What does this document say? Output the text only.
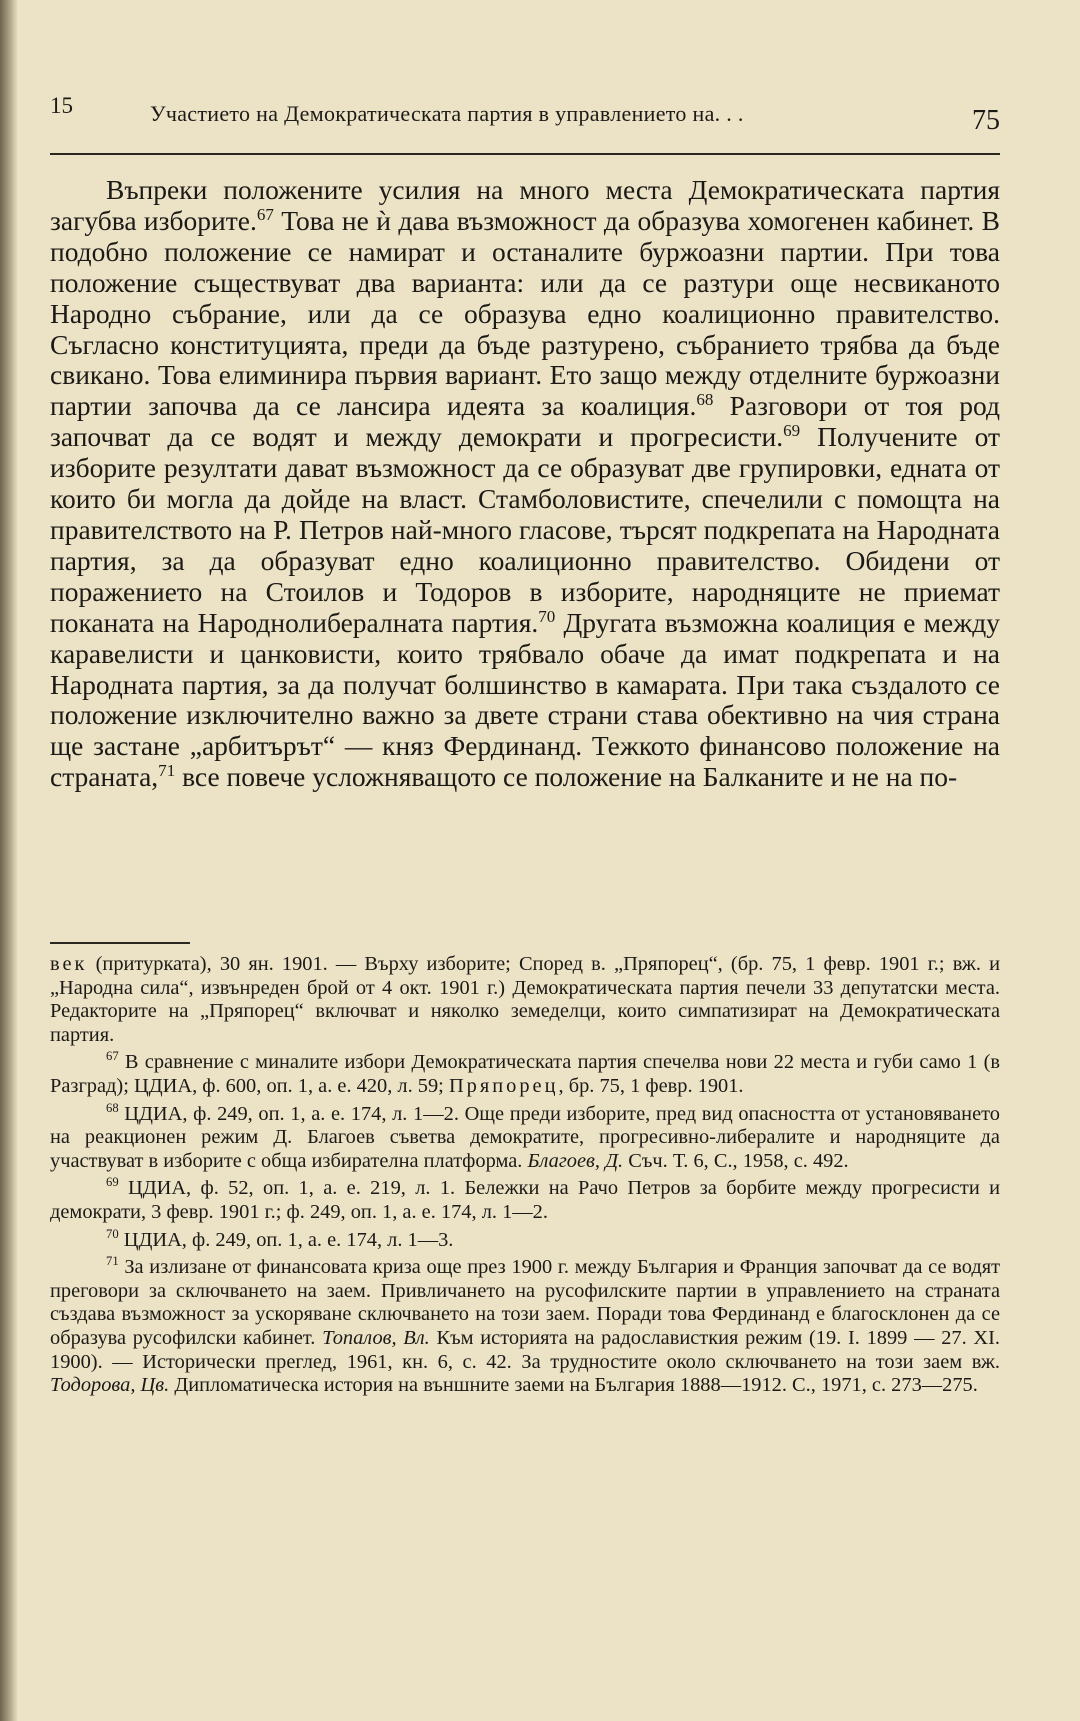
15	Участието на Демократическата партия в управлението на. . .	75

Въпреки положените усилия на много места Демократическата партия загубва изборите.$^{67}$ Това не ѝ дава възможност да образува хомогенен кабинет. В подобно положение се намират и останалите буржоазни партии. При това положение съществуват два варианта: или да се разтури още несвиканото Народно събрание, или да се образува едно коалиционно правителство. Съгласно конституцията, преди да бъде разтурено, събранието трябва да бъде свикано. Това елиминира първия вариант. Ето защо между отделните буржоазни партии започва да се лансира идеята за коалиция.$^{68}$ Разговори от тоя род започват да се водят и между демократи и прогресисти.$^{69}$ Получените от изборите резултати дават възможност да се образуват две групировки, едната от които би могла да дойде на власт. Стамболовистите, спечелили с помощта на правителството на Р. Петров най-много гласове, търсят подкрепата на Народната партия, за да образуват едно коалиционно правителство. Обидени от поражението на Стоилов и Тодоров в изборите, народняците не приемат поканата на Народнолибералната партия.$^{70}$ Другата възможна коалиция е между каравелисти и цанковисти, които трябвало обаче да имат подкрепата и на Народната партия, за да получат болшинство в камарата. При така създалото се положение изключително важно за двете страни става обективно на чия страна ще застане „арбитърът“ — княз Фердинанд. Тежкото финансово положение на страната,$^{71}$ все повече усложняващото се положение на Балканите и не на по-

век (притурката), 30 ян. 1901. — Върху изборите; Според в. „Пряпорец“, (бр. 75, 1 февр. 1901 г.; вж. и „Народна сила“, извънреден брой от 4 окт. 1901 г.) Демократическата партия печели 33 депутатски места. Редакторите на „Пряпорец“ включват и няколко земеделци, които симпатизират на Демократическата партия.

$^{67}$ В сравнение с миналите избори Демократическата партия спечелва нови 22 места и губи само 1 (в Разград); ЦДИА, ф. 600, оп. 1, а. е. 420, л. 59; Пряпорец, бр. 75, 1 февр. 1901.

$^{68}$ ЦДИА, ф. 249, оп. 1, а. е. 174, л. 1—2. Още преди изборите, пред вид опасността от установяването на реакционен режим Д. Благоев съветва демократите, прогресивно-либералите и народняците да участвуват в изборите с обща избирателна платформа. Благоев, Д. Съч. Т. 6, С., 1958, с. 492.

$^{69}$ ЦДИА, ф. 52, оп. 1, а. е. 219, л. 1. Бележки на Рачо Петров за борбите между прогресисти и демократи, 3 февр. 1901 г.; ф. 249, оп. 1, а. е. 174, л. 1—2.

$^{70}$ ЦДИА, ф. 249, оп. 1, а. е. 174, л. 1—3.

$^{71}$ За излизане от финансовата криза още през 1900 г. между България и Франция започват да се водят преговори за сключването на заем. Привличането на русофилските партии в управлението на страната създава възможност за ускоряване сключването на този заем. Поради това Фердинанд е благосклонен да се образува русофилски кабинет. Топалов, Вл. Към историята на радослависткия режим (19. I. 1899 — 27. XI. 1900). — Исторически преглед, 1961, кн. 6, с. 42. За трудностите около сключването на този заем вж. Тодорова, Цв. Дипломатическа история на външните заеми на България 1888—1912. С., 1971, с. 273—275.
